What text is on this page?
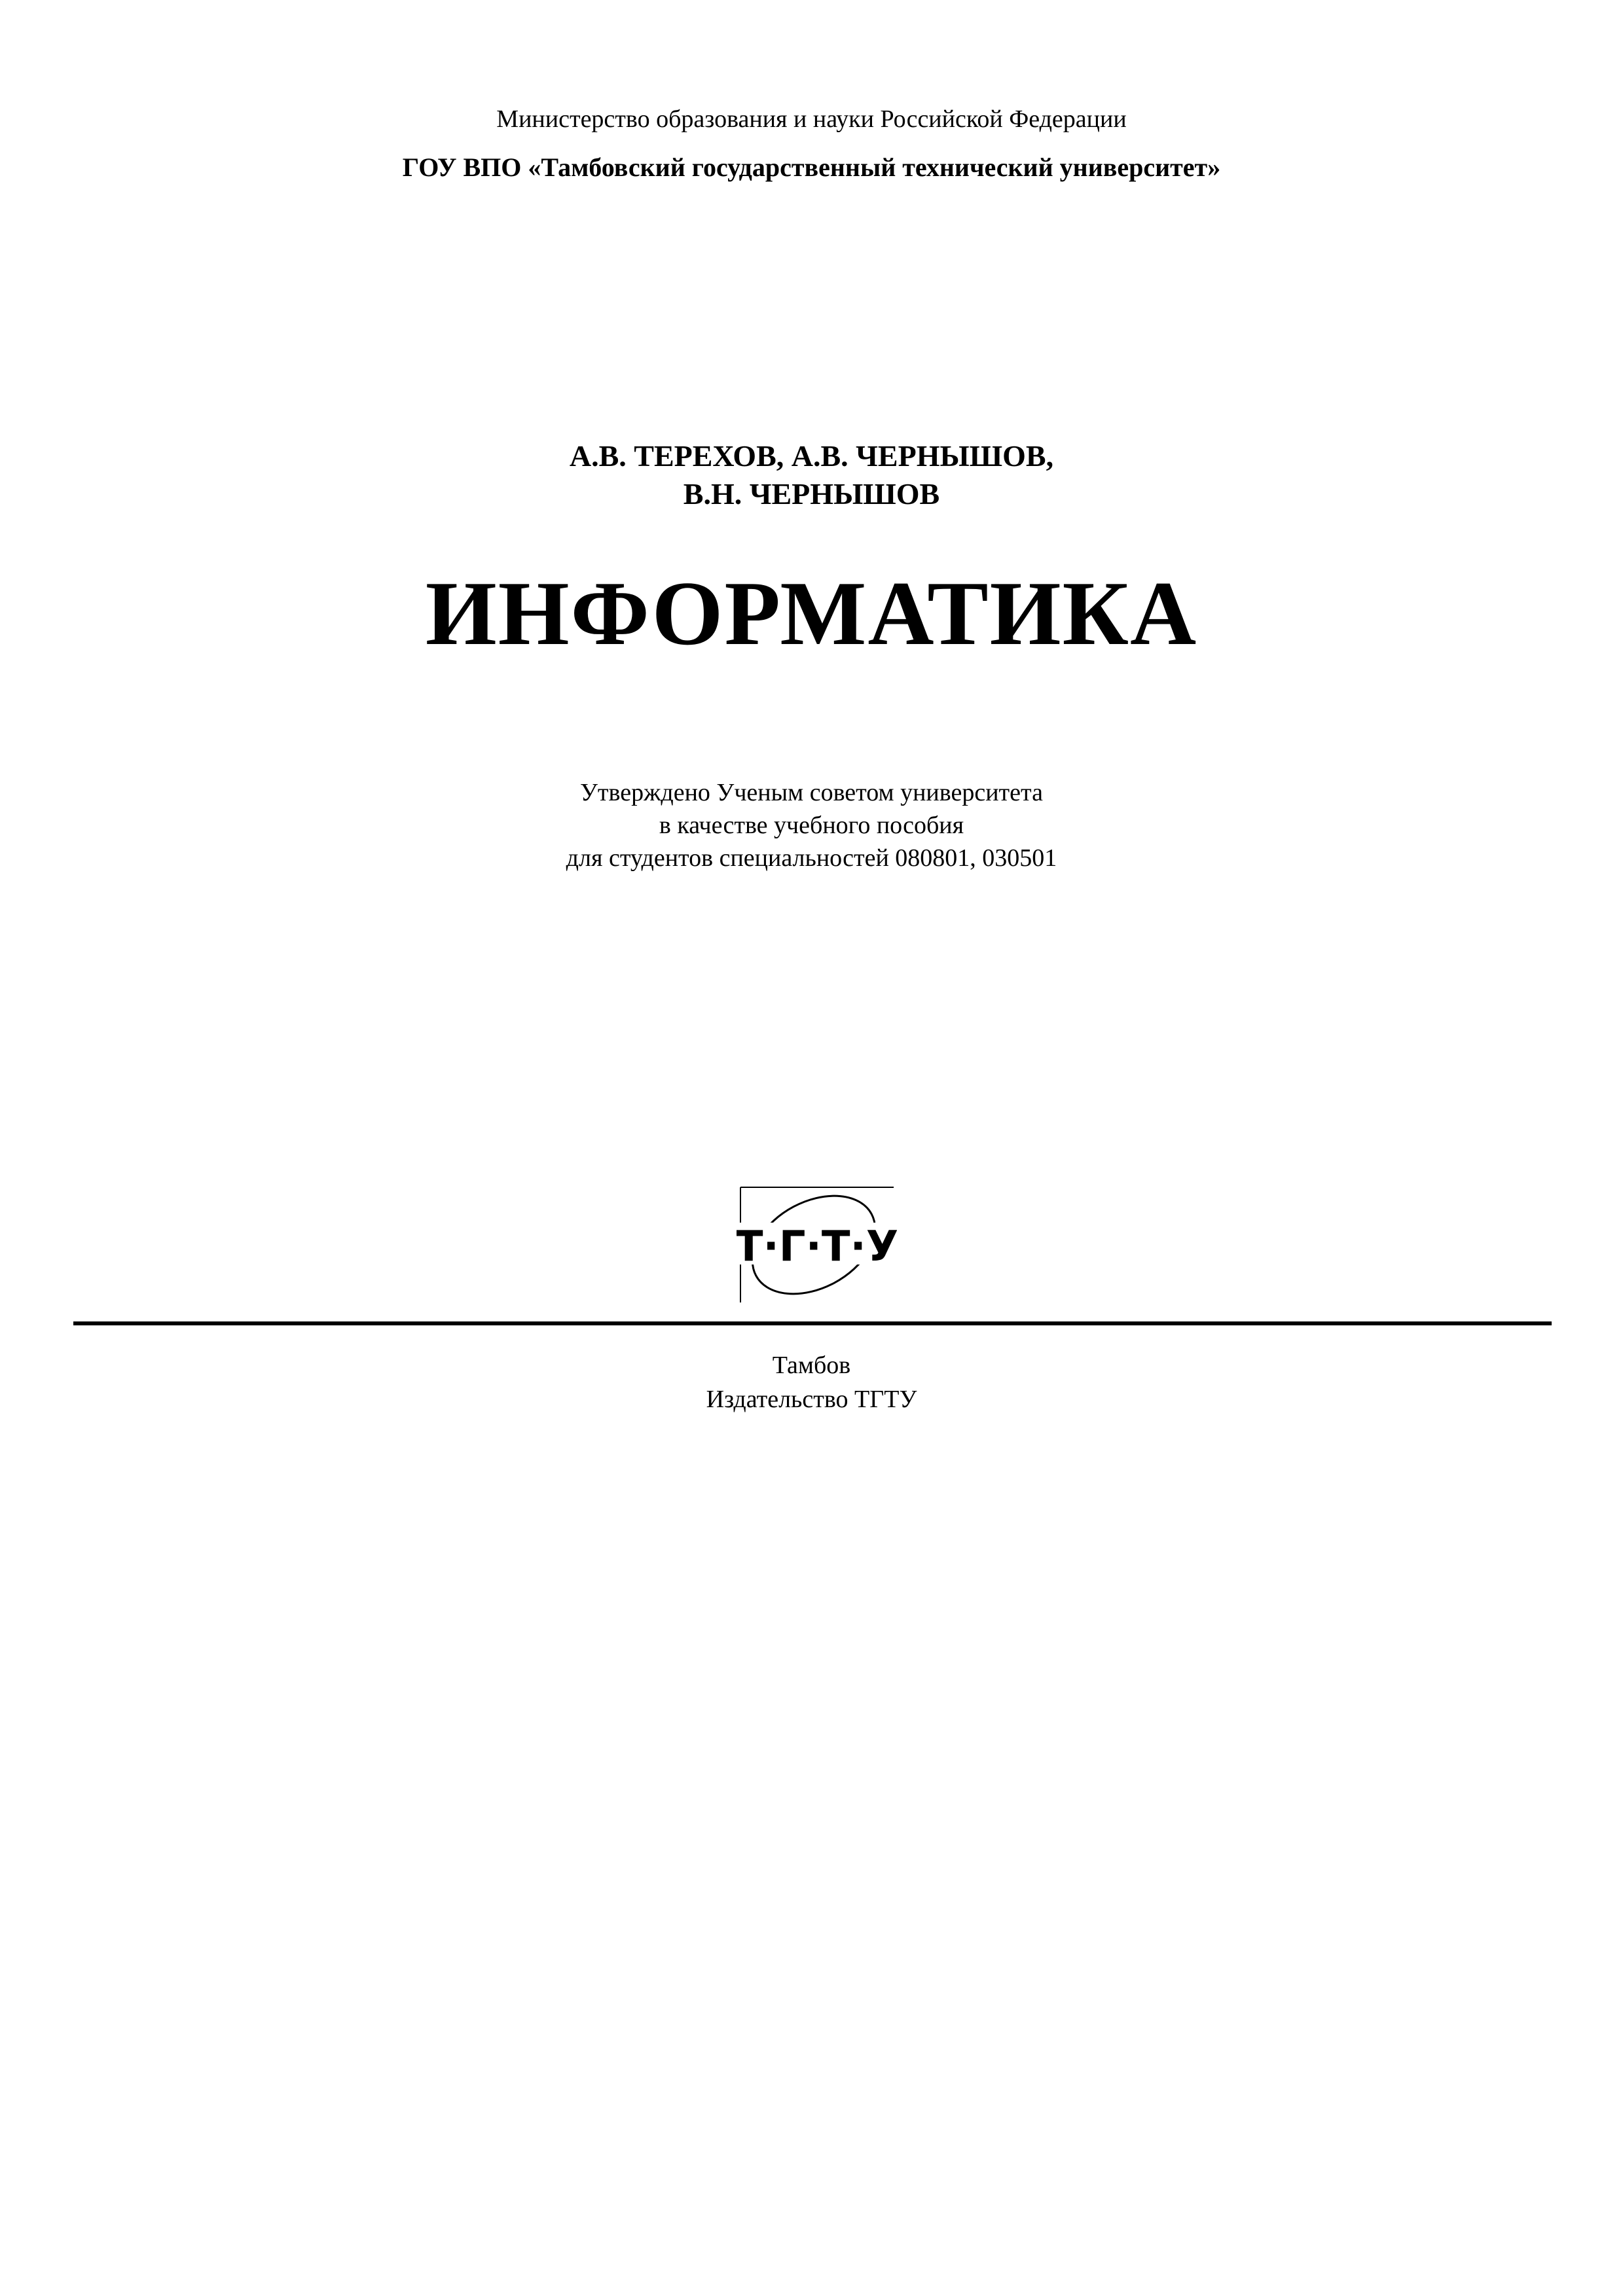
Министерство образования и науки Российской Федерации
ГОУ ВПО «Тамбовский государственный технический университет»
А.В. ТЕРЕХОВ, А.В. ЧЕРНЫШОВ,
В.Н. ЧЕРНЫШОВ
ИНФОРМАТИКА
Утверждено Ученым советом университета
в качестве учебного пособия
для студентов специальностей 080801, 030501
Т·Г·Т·У
Тамбов
Издательство ТГТУ
